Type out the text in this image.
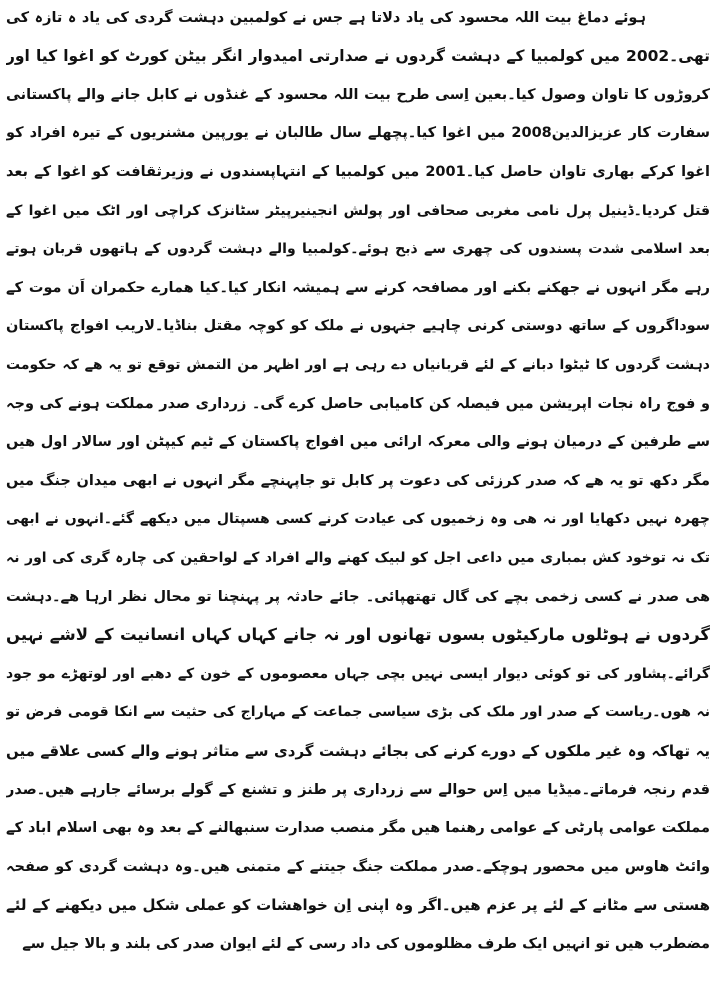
ہوئے دماغ بیت اللہ محسود کی یاد دلاتا ہے جس نے کولمبین دہشت گردی کی یاد ہ تازہ کی
تھی۔2002 میں کولمبیا کے دہشت گردوں نے صدارتی امیدوار انگر بیٹن کورٹ کو اغوا کیا اور
کروڑوں کا تاوان وصول کیا۔بعین اِسی طرح بیت اللہ محسود کے غنڈوں نے کابل جانے والے پاکستانی
سفارت کار عزیزالدین2008 میں اغوا کیا۔پچھلے سال طالبان نے یورپین مشنریوں کے تیرہ افراد کو
اغوا کرکے بھاری تاوان حاصل کیا۔2001 میں کولمبیا کے انتہاپسندوں نے وزیرثقافت کو اغوا کے بعد
قتل کردیا۔ڈینیل پرل نامی مغربی صحافی اور پولش انجینیرپیٹر سٹانزک کراچی اور اٹک میں اغوا کے
بعد اسلامی شدت پسندوں کی چھری سے ذبح ہوئے۔کولمبیا والے دہشت گردوں کے ہاتھوں قربان ہوتے
رہے مگر انہوں نے جھکنے بکنے اور مصافحہ کرنے سے ہمیشہ انکار کیا۔کیا ھمارے حکمران اَن موت کے
سوداگروں کے ساتھ دوستی کرنی چاہیے جنہوں نے ملک کو کوچہ مقتل بناڈیا۔لاریب افواج پاکستان
دہشت گردوں کا ٹیٹوا دبانے کے لئے قربانیاں دے رہی ہے اور اظہر من التمش توقع تو یہ ھے کہ حکومت
و فوج راہ نجات اپریشن میں فیصلہ کن کامیابی حاصل کرے گی۔ زرداری صدر مملکت ہونے کی وجہ
سے طرفین کے درمیان ہونے والی معرکہ ارائی میں افواج پاکستان کے ٹیم کیپٹن اور سالار اول ھیں
مگر دکھ تو یہ ھے کہ صدر کرزئی کی دعوت پر کابل تو جاپہنچے مگر انہوں نے ابھی میدان جنگ میں
چھرہ نہیں دکھایا اور نہ ھی وہ زخمیوں کی عیادت کرنے کسی ھسپتال میں دیکھے گئے۔انہوں نے ابھی
تک نہ توخود کش بمباری میں داعی اجل کو لبیک کھنے والے افراد کے لواحقین کی چارہ گری کی اور نہ
ھی صدر نے کسی زخمی بچے کی گال تھتھپائی۔ جائے حادثہ پر پہنچنا تو محال نظر ارہا ھے۔دہشت
گردوں نے ہوٹلوں مارکیٹوں بسوں تھانوں اور نہ جانے کہاں کہاں انسانیت کے لاشے نہیں
گرائے۔پشاور کی تو کوئی دیوار ایسی نہیں بچی جہاں معصوموں کے خون کے دھبے اور لوتھڑے مو جود
نہ ھوں۔ریاست کے صدر اور ملک کی بڑی سیاسی جماعت کے مہاراج کی حثیت سے انکا قومی فرض تو
یہ تھاکہ وہ غیر ملکوں کے دورے کرنے کی بجائے دہشت گردی سے متاثر ہونے والے کسی علاقے میں
قدم رنجہ فرماتے۔میڈیا میں اِس حوالے سے زرداری پر طنز و تشنع کے گولے برسائے جارہے ھیں۔صدر
مملکت عوامی پارٹی کے عوامی رھنما ھیں مگر منصب صدارت سنبھالنے کے بعد وہ بھی اسلام اباد کے
وائٹ ھاوس میں محصور ہوچکے۔صدر مملکت جنگ جیتنے کے متمنی ھیں۔وہ دہشت گردی کو صفحہ
ھستی سے مٹانے کے لئے پر عزم ھیں۔اگر وہ اپنی اِن خواھشات کو عملی شکل میں دیکھنے کے لئے
مضطرب ھیں تو انہیں ایک طرف مظلوموں کی داد رسی کے لئے ایوان صدر کی بلند و بالا جیل سے
